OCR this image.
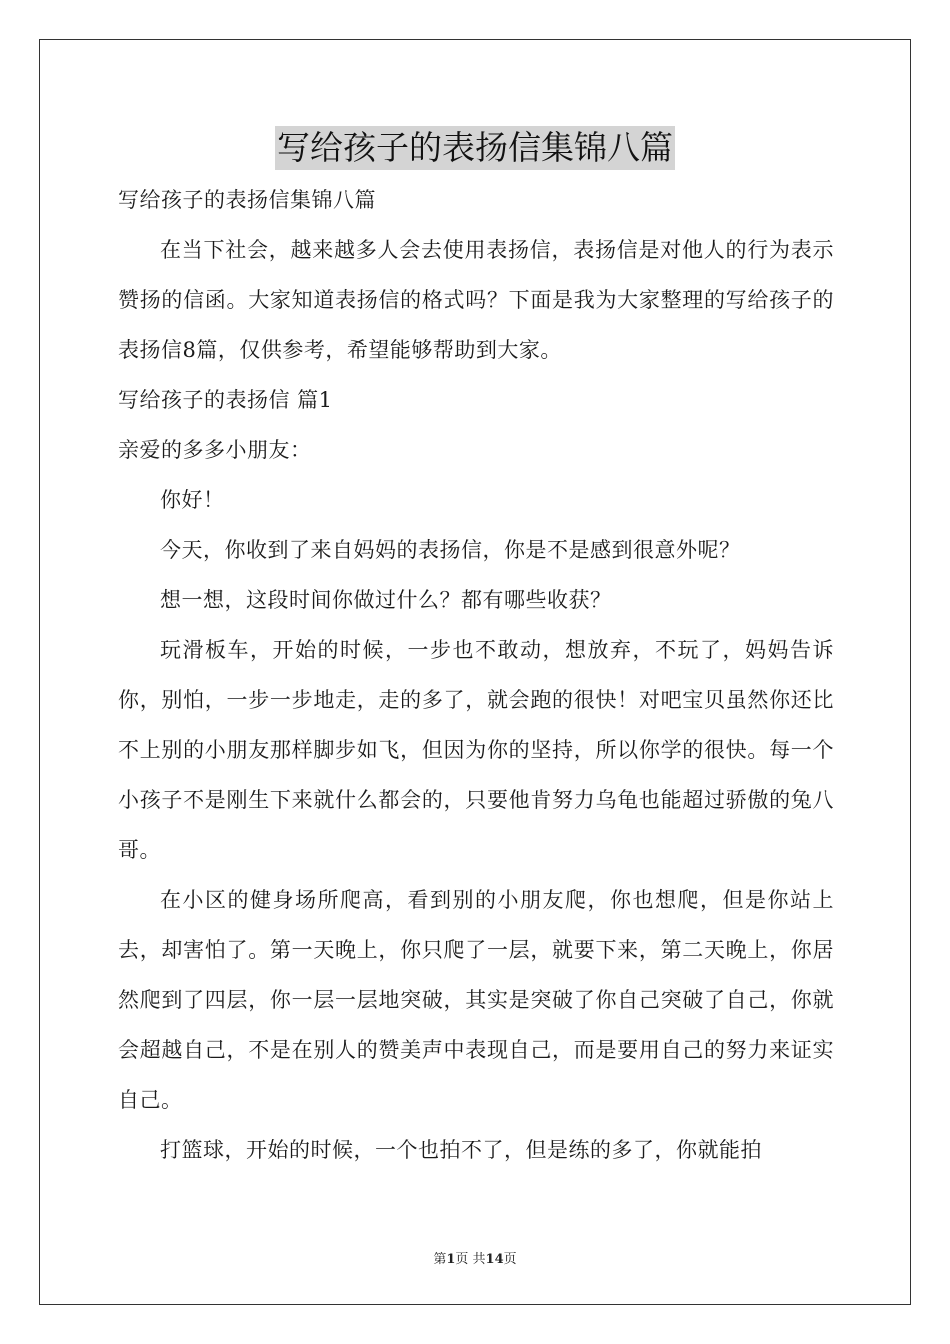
写给孩子的表扬信集锦八篇
写给孩子的表扬信集锦八篇
在当下社会，越来越多人会去使用表扬信，表扬信是对他人的行为表示赞扬的信函。大家知道表扬信的格式吗？下面是我为大家整理的写给孩子的表扬信8篇，仅供参考，希望能够帮助到大家。
写给孩子的表扬信 篇1
亲爱的多多小朋友：
你好！
今天，你收到了来自妈妈的表扬信，你是不是感到很意外呢？
想一想，这段时间你做过什么？都有哪些收获？
玩滑板车，开始的时候，一步也不敢动，想放弃，不玩了，妈妈告诉你，别怕，一步一步地走，走的多了，就会跑的很快！对吧宝贝虽然你还比不上别的小朋友那样脚步如飞，但因为你的坚持，所以你学的很快。每一个小孩子不是刚生下来就什么都会的，只要他肯努力乌龟也能超过骄傲的兔八哥。
在小区的健身场所爬高，看到别的小朋友爬，你也想爬，但是你站上去，却害怕了。第一天晚上，你只爬了一层，就要下来，第二天晚上，你居然爬到了四层，你一层一层地突破，其实是突破了你自己突破了自己，你就会超越自己，不是在别人的赞美声中表现自己，而是要用自己的努力来证实自己。
打篮球，开始的时候，一个也拍不了，但是练的多了，你就能拍
第1页 共14页
